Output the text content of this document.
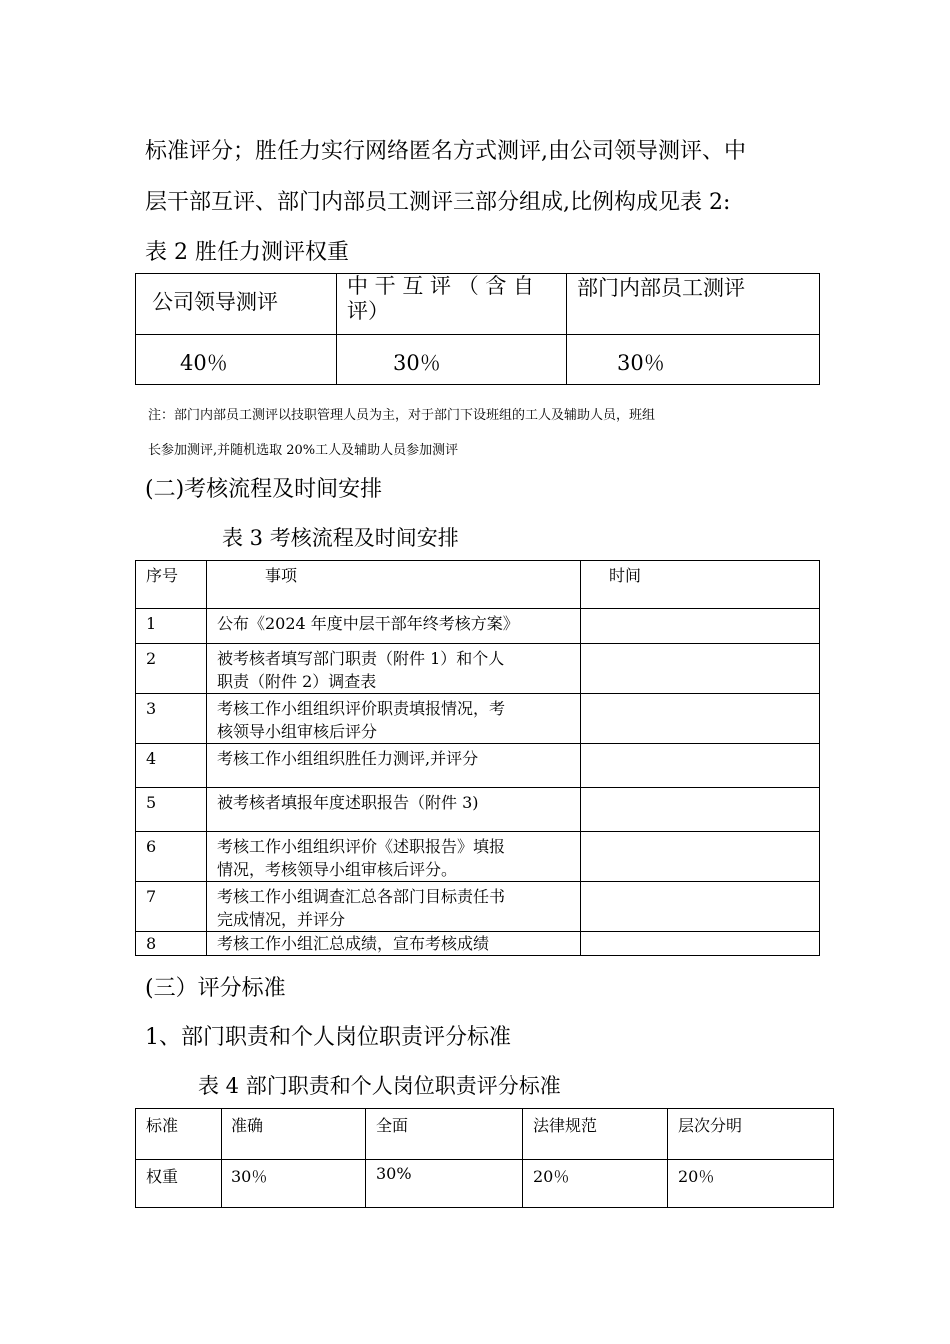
标准评分；胜任力实行网络匿名方式测评,由公司领导测评、中
层干部互评、部门内部员工测评三部分组成,比例构成见表 2:
表 2 胜任力测评权重
公司领导测评	中 干 互 评 （ 含 自
评）	部门内部员工测评
40％	30％	30％
注：部门内部员工测评以技职管理人员为主，对于部门下设班组的工人及辅助人员，班组
长参加测评,并随机选取 20%工人及辅助人员参加测评
(二)考核流程及时间安排
表 3 考核流程及时间安排
序号	事项	时间
1	公布《2024 年度中层干部年终考核方案》	

2	被考核者填写部门职责（附件 1）和个人
职责（附件 2）调查表	

3	考核工作小组组织评价职责填报情况，考
核领导小组审核后评分	

4	考核工作小组组织胜任力测评,并评分	

5	被考核者填报年度述职报告（附件 3)	

6	考核工作小组组织评价《述职报告》填报
情况，考核领导小组审核后评分。	

7	考核工作小组调查汇总各部门目标责任书
完成情况，并评分	

8	考核工作小组汇总成绩，宣布考核成绩	

(三）评分标准
1、部门职责和个人岗位职责评分标准
表 4 部门职责和个人岗位职责评分标准
标准	准确	全面	法律规范	层次分明
权重	30％	30%	20％	20％
